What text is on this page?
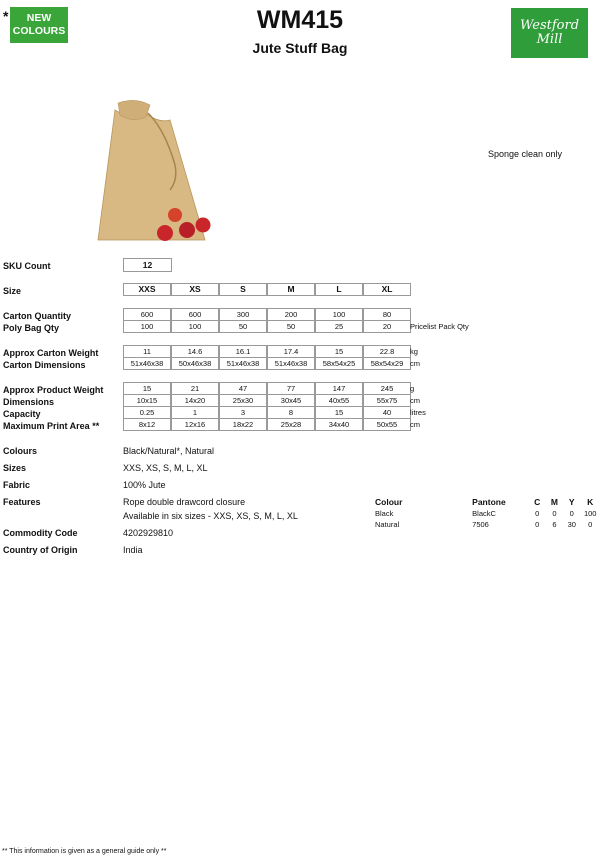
*	NEW
COLOURS	WM415
Jute Stuff Bag
Westford
Mill
Sponge clean only
SKU Count	12
Size	XXS	XS	S	M	L	XL
Carton Quantity	600	600	300	200	100	80
Poly Bag Qty	100	100	50	50	25	20	Pricelist Pack Qty
Approx Carton Weight	11	14.6	16.1	17.4	15	22.8	kg
Carton Dimensions	51x46x38	50x46x38	51x46x38	51x46x38	58x54x25	58x54x29 cm
Approx Product Weight	15	21	47	77	147	245	g
Dimensions	10x15	14x20	25x30	30x45	40x55	55x75	cm
Capacity	0.25	1	3	8	15	40	litres
Maximum Print Area **	8x12	12x16	18x22	25x28	34x40	50x55	cm
Colours	Black/Natural*, Natural
Sizes	XXS, XS, S, M, L, XL
Fabric	100% Jute
Features	Rope double drawcord closure
Available in six sizes - XXS, XS, S, M, L, XL
Commodity Code	4202929810
Country of Origin	India
Colour	Pantone	C	M	Y	K
Black	BlackC	0	0	0	100
Natural	7506	0	6	30	0
** This information is given as a general guide only **
